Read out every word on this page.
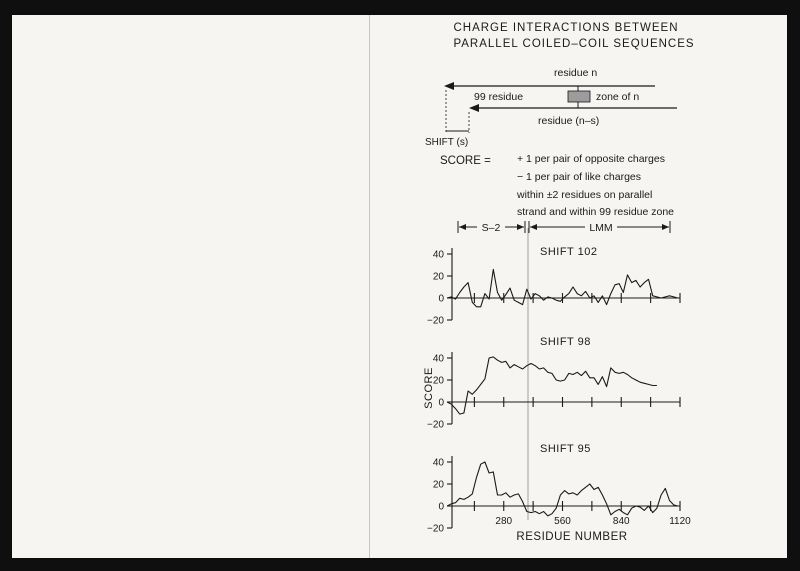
CHARGE INTERACTIONS BETWEEN
PARALLEL COILED–COIL SEQUENCES
residue n
99 residue	zone of n
residue (n–s)
SHIFT (s)
SCORE = + 1 per pair of opposite charges
− 1 per pair of like charges
within ±2 residues on parallel
strand and within 99 residue zone
S–2	LMM
SHIFT 102
40
20
0
−20
SHIFT 98
40
20
0
−20
SHIFT 95
40
20
0
−20
SCORE
280	560	840	1120
RESIDUE NUMBER
